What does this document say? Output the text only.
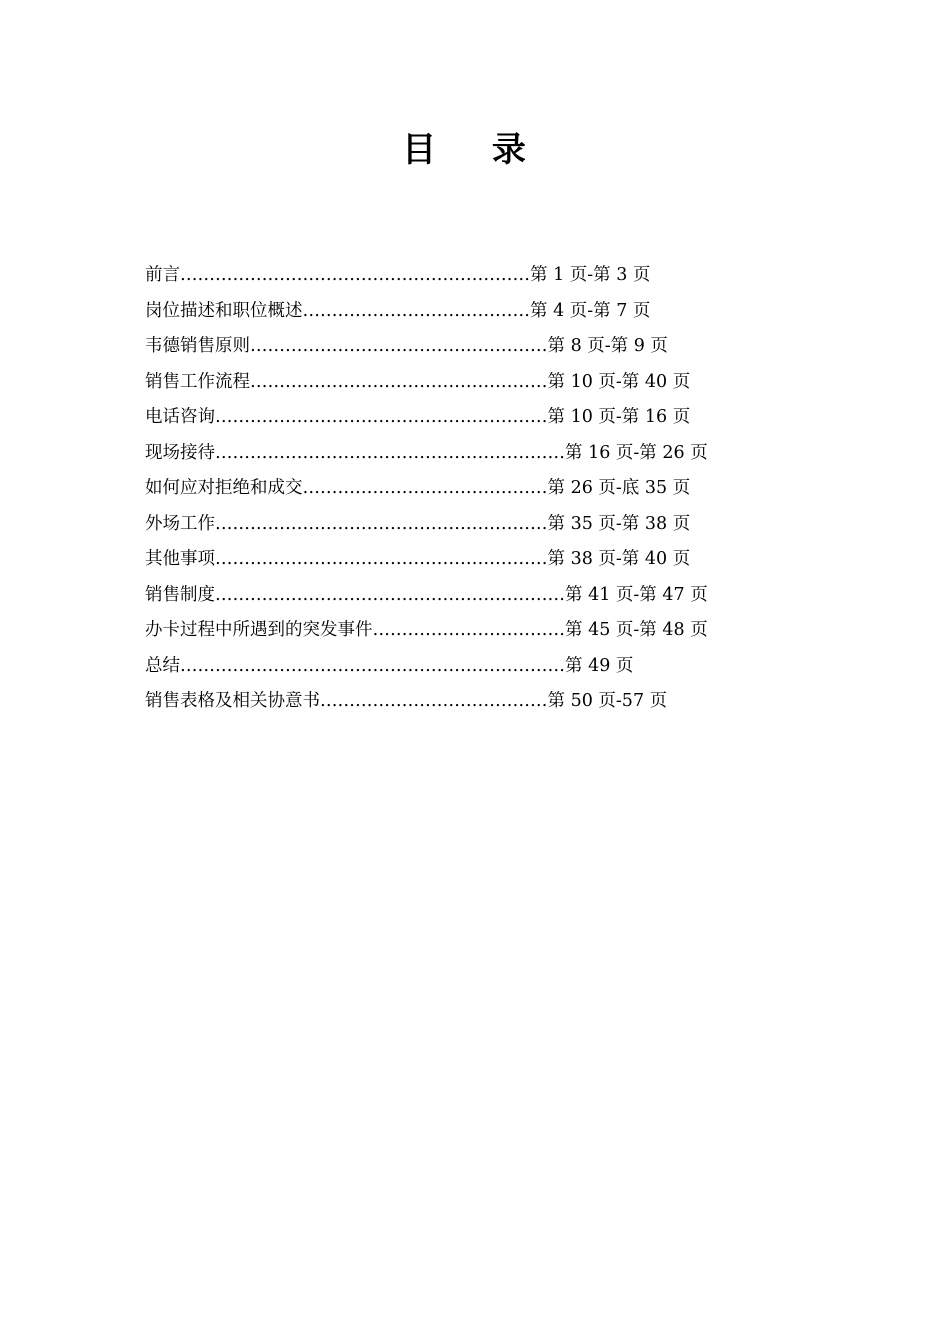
目 录
前言……………………………………………………第 1 页-第 3 页
岗位描述和职位概述…………………………………第 4 页-第 7 页
韦德销售原则……………………………………………第 8 页-第 9 页
销售工作流程……………………………………………第 10 页-第 40 页
电话咨询…………………………………………………第 10 页-第 16 页
现场接待……………………………………………………第 16 页-第 26 页
如何应对拒绝和成交……………………………………第 26 页-底 35 页
外场工作…………………………………………………第 35 页-第 38 页
其他事项…………………………………………………第 38 页-第 40 页
销售制度……………………………………………………第 41 页-第 47 页
办卡过程中所遇到的突发事件……………………………第 45 页-第 48 页
总结…………………………………………………………第 49 页
销售表格及相关协意书…………………………………第 50 页-57 页
